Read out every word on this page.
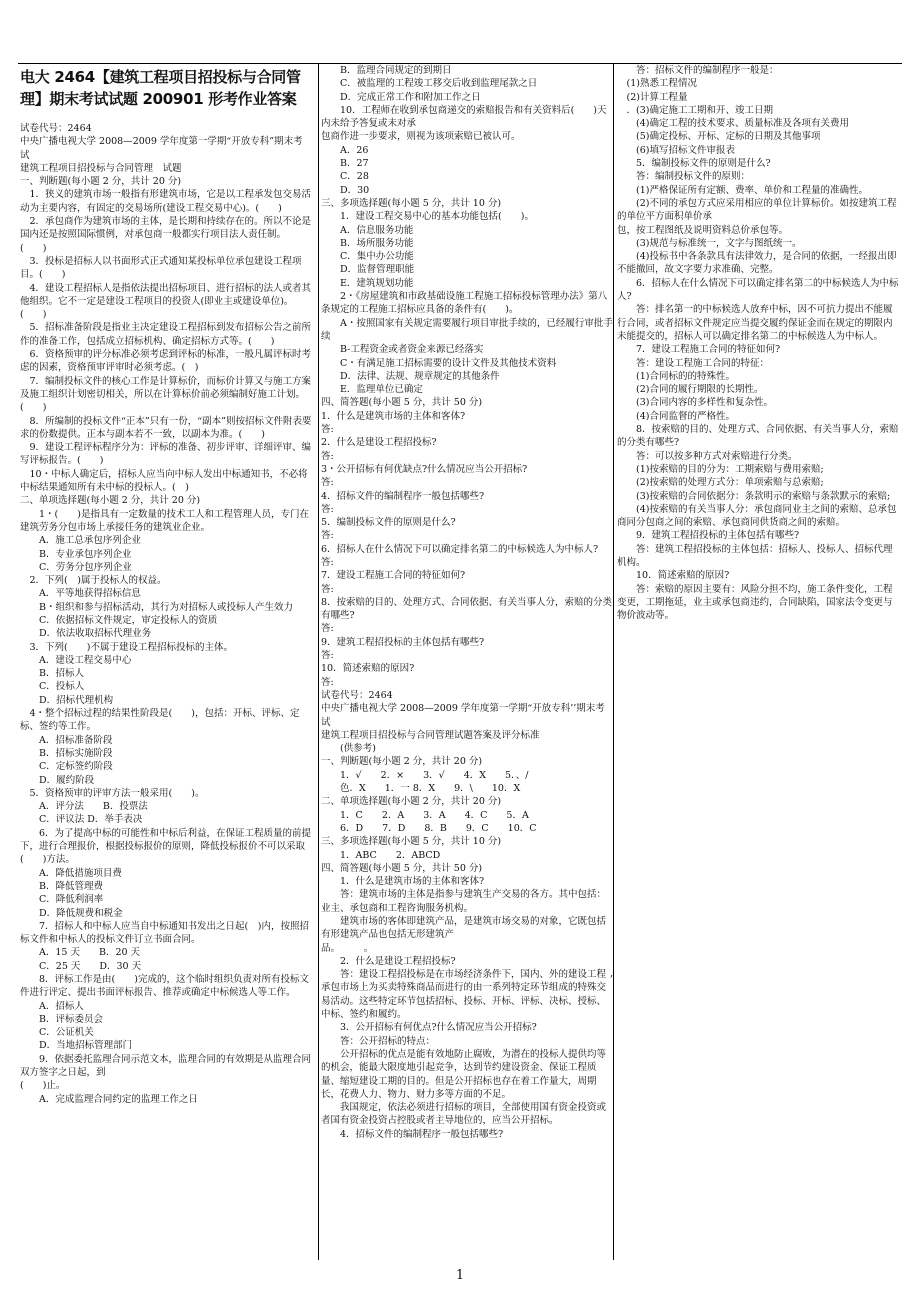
电大 2464【建筑工程项目招投标与合同管理】期末考试试题 200901 形考作业答案

试卷代号：2464

中央广播电视大学 2008—2009 学年度第一学期“开放专科”期末考试

建筑工程项目招投标与合同管理　试题

一、判断题(每小题 2 分，共计 20 分)

　1．狭义的建筑市场一般指有形建筑市场，它是以工程承发包交易活动为主要内容，有固定的交易场所(建设工程交易中心)。(　　)

　2．承包商作为建筑市场的主体，是长期和持续存在的。所以不论是国内还是按照国际惯例，对承包商一般都实行项目法人责任制。(　　)

　3．投标是招标人以书面形式正式通知某投标单位承包建设工程项目。(　　)

　4．建设工程招标人是指依法提出招标项目、进行招标的法人或者其他组织。它不一定是建设工程项目的投资人(即业主或建设单位)。(　　)

　5．招标准备阶段是指业主决定建设工程招标到发布招标公告之前所作的准备工作，包括成立招标机构、确定招标方式等。(　　)

　6．资格预审的评分标准必须考虑到评标的标准，一般凡属评标时考虑的因素，资格预审评审时必须考虑。(　)

　7．编制投标文件的核心工作是计算标价，而标价计算又与施工方案及施工组织计划密切相关，所以在计算标价前必须编制好施工计划。(　　)

　8．所编制的投标文件“正本”只有一份，“副本”则按招标文件附表要求的份数提供。正本与副本若不一致，以副本为准。(　　)

　9．建设工程评标程序分为：评标的准备、初步评审、详细评审、编写评标报告。(　　)

　10・中标人确定后，招标人应当向中标人发出中标通知书，不必将中标结果通知所有未中标的投标人。(　)

二、单项选择题(每小题 2 分，共计 20 分)

　　1・(　　)是指具有一定数量的技术工人和工程管理人员，专门在建筑劳务分包市场上承接任务的建筑业企业。

　　A．施工总承包序列企业

　　B．专业承包序列企业

　　C．劳务分包序列企业

　2．下列(　)属于投标人的权益。

　　A．平等地获得招标信息

　　B・组织和参与招标活动，其行为对招标人或投标人产生效力

　　C．依据招标文件规定，审定投标人的资质

　　D．依法收取招标代理业务

　3．下列(　　)不属于建设工程招标投标的主体。

　　A．建设工程交易中心

　　B．招标人

　　C．投标人

　　D．招标代理机构

　4・整个招标过程的结果性阶段是(　　)，包括：开标、评标、定标、签约等工作。

　　A．招标准备阶段

　　B．招标实施阶段

　　C．定标签约阶段

　　D．履约阶段

　5．资格预审的评审方法一般采用(　　)。

　　A．评分法　　B．投票法

　　C．评议法 D．举手表决

　　6．为了提高中标的可能性和中标后利益，在保证工程质量的前提下，进行合理报价，根据投标报价的原则，降低投标报价不可以采取(　　)方法。

　　A．降低措施项目费

　　B．降低管理费

　　C．降低利润率

　　D．降低规费和税金

　　7．招标人和中标人应当自中标通知书发出之日起(　)内，按照招标文件和中标人的投标文件订立书面合同。

　　A．15 天　　B．20 天

　　C．25 天　　D．30 天

　　8．评标工作是由(　　)完成的，这个临时组织负责对所有投标文件进行评定、提出书面评标报告、推荐或确定中标候选人等工作。

　　A．招标人

　　B．评标委员会

　　C．公证机关

　　D．当地招标管理部门

　　9．依据委托监理合同示范文本，监理合同的有效期是从监理合同双方签字之日起，到

(　　)止。

　　A．完成监理合同约定的监理工作之日

　　B．监理合同规定的到期日

　　C．被监理的工程竣工移交后收到监理尾款之日

　　D．完成正常工作和附加工作之日

　　10．工程师在收到承包商递交的索赔报告和有关资料后(　　)天内未给予答复或未对承

包商作进一步要求，则视为该项索赔已被认可。

　　A．26

　　B．27

　　C．28

　　D．30

三、多项选择题(每小题 5 分，共计 10 分)

　　1．建设工程交易中心的基本功能包括(　　)。

　　A．信息服务功能

　　B．场所服务功能

　　C．集中办公功能

　　D．监督管理职能

　　E．建筑规划功能

　　2・《房屋建筑和市政基础设施工程施工招标投标管理办法》第八条规定的工程施工招标应具备的条件有(　　)。

　　A・按照国家有关规定需要履行项目审批手续的，已经履行审批手续

　　B-工程资金或者资金来源已经落实

　　C・有满足施工招标需要的设计文件及其他技术资料

　　D．法律、法规、规章规定的其他条件

　　E．监理单位已确定

四、简答题(每小题 5 分，共计 50 分)

1．什么是建筑市场的主体和客体?

答:

2．什么是建设工程招投标?

答:

3・公开招标有何优缺点?什么情况应当公开招标?

答:

4．招标文件的编制程序一般包括哪些?

答:

5．编制投标文件的原则是什么?

答:

6．招标人在什么情况下可以确定排名第二的中标候选人为中标人?

答:

7．建设工程施工合同的特征如何?

答:

8．按索赔的目的、处理方式、合同依据、有关当事人分，索赔的分类有哪些?

答:

9．建筑工程招投标的主体包括有哪些?

答:

10．简述索赔的原因?

答:

试卷代号：2464

中央广播电视大学 2008—2009 学年度第一学期“开放专科’’期末考试

建筑工程项目招投标与合同管理试题答案及评分标准

　　(供参考)

一、判断题(每小题 2 分，共计 20 分)

　　1．√　　2．×　　3．√　　4．X　　5．、/

　　色．X　　1．一 8．X　　9．\　　10．X

二、单项选择题(每小题 2 分，共计 20 分)

　　1．C　　2．A　　3．A　　4．C　　5．A

　　6．D　　7．D　　8．B　　9．C　　10．C

三、多项选择题(每小题 5 分，共计 10 分)

　　1．ABC　　2．ABCD

四、简答题(每小题 5 分，共计 50 分)

　　1．什么是建筑市场的主体和客体?

　　答：建筑市场的主体是指参与建筑生产交易的各方。其中包括：业主、承包商和工程咨询服务机构。

　　建筑市场的客体即建筑产品，是建筑市场交易的对象，它既包括有形建筑产品也包括无形建筑产

品。　　　。

　　2．什么是建设工程招投标?

　　答：建设工程招投标是在市场经济条件下，国内、外的建设工程承包市场上为买卖特殊商品而进行的由一系列特定环节组成的特殊交易活动。这些特定环节包括招标、投标、开标、评标、决标、授标、中标、签约和履约。

　　3．公开招标有何优点?什么情况应当公开招标?

　　答：公开招标的特点：

　　公开招标的优点是能有效地防止腐败，为潜在的投标人提供均等的机会，能最大限度地引起竞争，达到节约建设资金、保证工程质量、缩短建设工期的目的。但是公开招标也存在着工作量大，周期长，花费人力、物力、财力多等方面的不足。

　　我国规定，依法必须进行招标的项目，全部使用国有资金投资或者国有资金投资占控股或者主导地位的，应当公开招标。

　　4．招标文件的编制程序一般包括哪些?

　　答：招标文件的编制程序一般是：

　(1)熟悉工程情况

　(2)计算工程量

　．(3)确定施工工期和开、竣工日期

　　(4)确定工程的技术要求、质量标准及各项有关费用

　　(5)确定投标、开标、定标的日期及其他事项

　　(6)填写招标文件审报表

　　5．编制投标文件的原则是什么?

　　答：编制投标文件的原则：

　　(1)严格保证所有定额、费率、单价和工程量的准确性。

　　(2)不同的承包方式应采用相应的单位计算标价。如按建筑工程的单位平方面积单价承

包，按工程图纸及说明资料总价承包等。

　　(3)规范与标准统一，文字与图纸统一。

　　(4)投标书中各条款具有法律效力，是合同的依据，一经报出即不能撤回，故文字要力求准确、完整。

　　6．招标人在什么情况下可以确定排名第二的中标候选人为中标人?

　　答：排名第一的中标候选人放弃中标，因不可抗力提出不能履行合同，或者招标文件规定应当提交履约保证金而在规定的期限内未能提交的，招标人可以确定排名第二的中标候选人为中标人。

　　7．建设工程施工合同的特征如何?

　　答：建设工程施工合同的特征：

　　(1)合同标的的特殊性。

　　(2)合同的履行期限的长期性。

　　(3)合同内容的多样性和复杂性。

　　(4)合同监督的严格性。

　　8．按索赔的目的、处理方式、合同依据、有关当事人分，索赔的分类有哪些?

　　答：可以按多种方式对索赔进行分类。

　　(1)按索赔的目的分为：工期索赔与费用索赔;

　　(2)按索赔的处理方式分：单项索赔与总索赔;

　　(3)按索赔的合同依据分：条款明示的索赔与条款默示的索赔;

　　(4)按索赔的有关当事人分：承包商同业主之间的索赔、总承包商同分包商之间的索赔、承包商同供货商之间的索赔。

　　9．建筑工程招投标的主体包括有哪些?

　　答：建筑工程招投标的主体包括：招标人、投标人、招标代理机构。

　　10．简述索赔的原因?

　　答：索赔的原因主要有：风险分担不均，施工条件变化，工程变更，工期拖延，业主或承包商违约，合同缺陷，国家法令变更与物价波动等。

,
1
